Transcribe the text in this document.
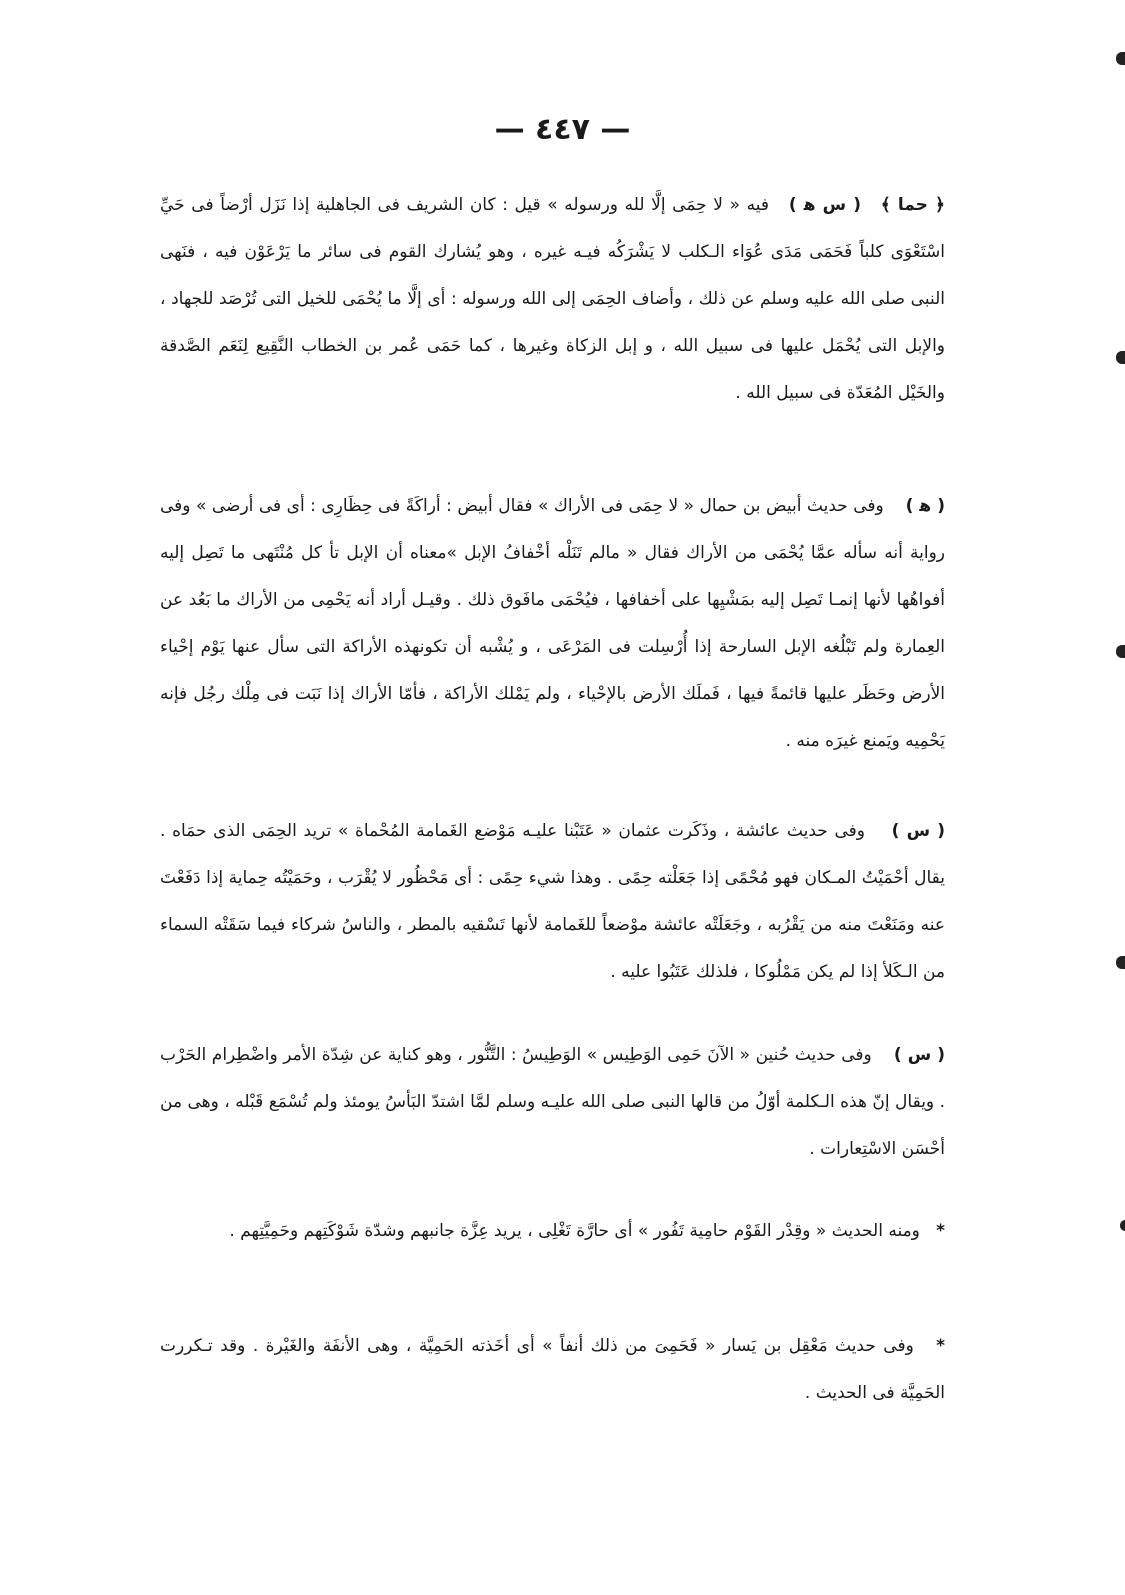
— ٤٤٧ —

﴿ حما ﴾   ( س ﻫ )   فيه « لا حِمَى إلَّا لله ورسوله » قيل : كان الشريف فى الجاهلية إذا نَزَل أرْضاً فى حَيِّ اسْتَعْوَى كلباً فَحَمَى مَدَى عُوَاء الـكلب لا يَشْرَكُه فيـه غيره ، وهو يُشارك القوم فى سائر ما يَرْعَوْن فيه ، فنَهى النبى صلى الله عليه وسلم عن ذلك ، وأضاف الحِمَى إلى الله ورسوله : أى إلَّا ما يُحْمَى للخيل التى تُرْصَد للجهاد ، والإبل التى يُحْمَل عليها فى سبيل الله ، و إبل الزكاة وغيرها ، كما حَمَى عُمر بن الخطاب النَّقِيع لِنَعَم الصَّدقة والخَيْل المُعَدّة فى سبيل الله .

( ﻫ )    وفى حديث أبيض بن حمال « لا حِمَى فى الأراك » فقال أبيض : أراكَةً فى حِظَارِى : أى فى أرضى » وفى رواية أنه سأله عمَّا يُحْمَى من الأراك فقال « مالم تَنَلْه أخْفافُ الإبل »معناه أن الإبل تأ كل مُنْتَهى ما تَصِل إليه أفواهُها لأنها إنمـا تَصِل إليه بمَشْيِها على أخفافها ، فيُحْمَى مافَوق ذلك . وقيـل أراد أنه يَحْمِى من الأراك ما بَعُد عن العِمارة ولم تَبْلُغه الإبل السارحة إذا أُرْسِلت فى المَرْعَى ، و يُشْبه أن تكونهذه الأراكة التى سأل عنها يَوْم إحْياء الأرض وحَظَر عليها قائمةً فيها ، فَملَك الأرض بالإحْياء ، ولم يَمْلك الأراكة ، فأمّا الأراك إذا نَبَت فى مِلْك رجُل فإنه يَحْمِيه ويَمنع غيرَه منه .

( س )    وفى حديث عائشة ، وذَكَرت عثمان « عَتَبْنا عليـه مَوْضع الغَمامة المُحْماة » تريد الحِمَى الذى حمَاه . يقال أحْمَيْتُ المـكان فهو مُحْمًى إذا جَعَلْته حِمًى . وهذا شيء حِمًى : أى مَحْظُور لا يُقْرَب ، وحَمَيْتُه حِماية إذا دَفَعْتَ عنه ومَنَعْتَ منه من يَقْرُبه ، وجَعَلَتْه عائشة موْضعاً للغَمامة لأنها تَسْقيه بالمطر ، والناسُ شركاء فيما سَقَتْه السماء من الـكَلأ إذا لم يكن مَمْلُوكا ، فلذلك عَتَبُوا عليه .

( س )    وفى حديث حُنين « الآنَ حَمِى الوَطِيس » الوَطِيسُ : التَّنُّور ، وهو كناية عن شِدّة الأمر واضْطِرام الحَرْب . ويقال إنّ هذه الـكلمة أوّلُ من قالها النبى صلى الله عليـه وسلم لمَّا اشتدّ البَأسُ يومئذ ولم تُسْمَع قَبْله ، وهى من أحْسَن الاسْتِعارات .

*   ومنه الحديث « وقِدْر القَوْم حامِية تَفُور » أى حارَّة تَغْلِى ، يريد عِزَّة جانبهم وشدّة شَوْكَتِهم وحَمِيَّتِهم .

*   وفى حديث مَعْقِل بن يَسار « فَحَمِىَ من ذلك أنفاً » أى أخَذته الحَمِيَّة ، وهى الأنفَة والغَيْرة . وقد تـكررت الحَمِيَّة فى الحديث .
